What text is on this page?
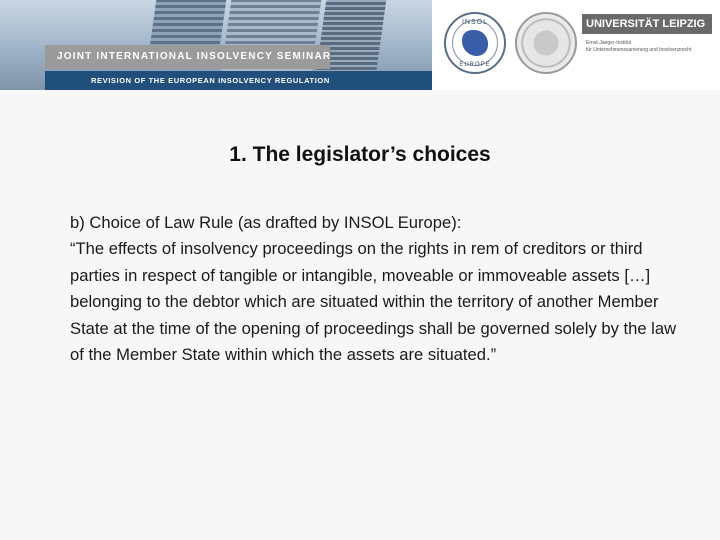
JOINT INTERNATIONAL INSOLVENCY SEMINAR
REVISION OF THE EUROPEAN INSOLVENCY REGULATION
INSOL
EUROPE
UNIVERSITÄT LEIPZIG
Ernst-Jaeger-Institut
für Unternehmenssanierung und Insolvenzrecht
1. The legislator’s choices

b) Choice of Law Rule (as drafted by INSOL Europe):

“The effects of insolvency proceedings on the rights in rem of creditors or third parties in respect of tangible or intangible, moveable or immoveable assets […] belonging to the debtor which are situated within the territory of another Member State at the time of the opening of proceedings shall be governed solely by the law of the Member State within which the assets are situated.”
